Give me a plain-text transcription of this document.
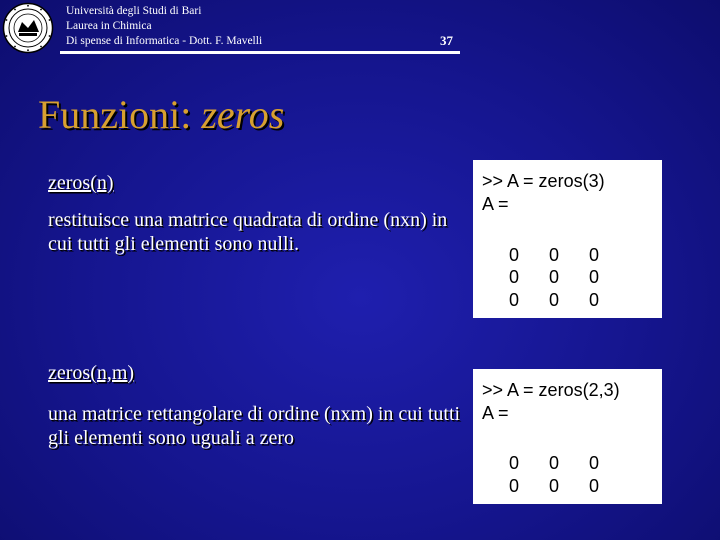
Università degli Studi di Bari
Laurea in Chimica
Di spense di Informatica - Dott. F. Mavelli	37
Funzioni: zeros
zeros(n)
restituisce una matrice quadrata di ordine (nxn) in cui tutti gli elementi sono nulli.
>> A = zeros(3)
A =
0 0 0
0 0 0
0 0 0
zeros(n,m)
una matrice rettangolare di ordine (nxm) in cui tutti gli elementi sono uguali a zero
>> A = zeros(2,3)
A =
0 0 0
0 0 0
